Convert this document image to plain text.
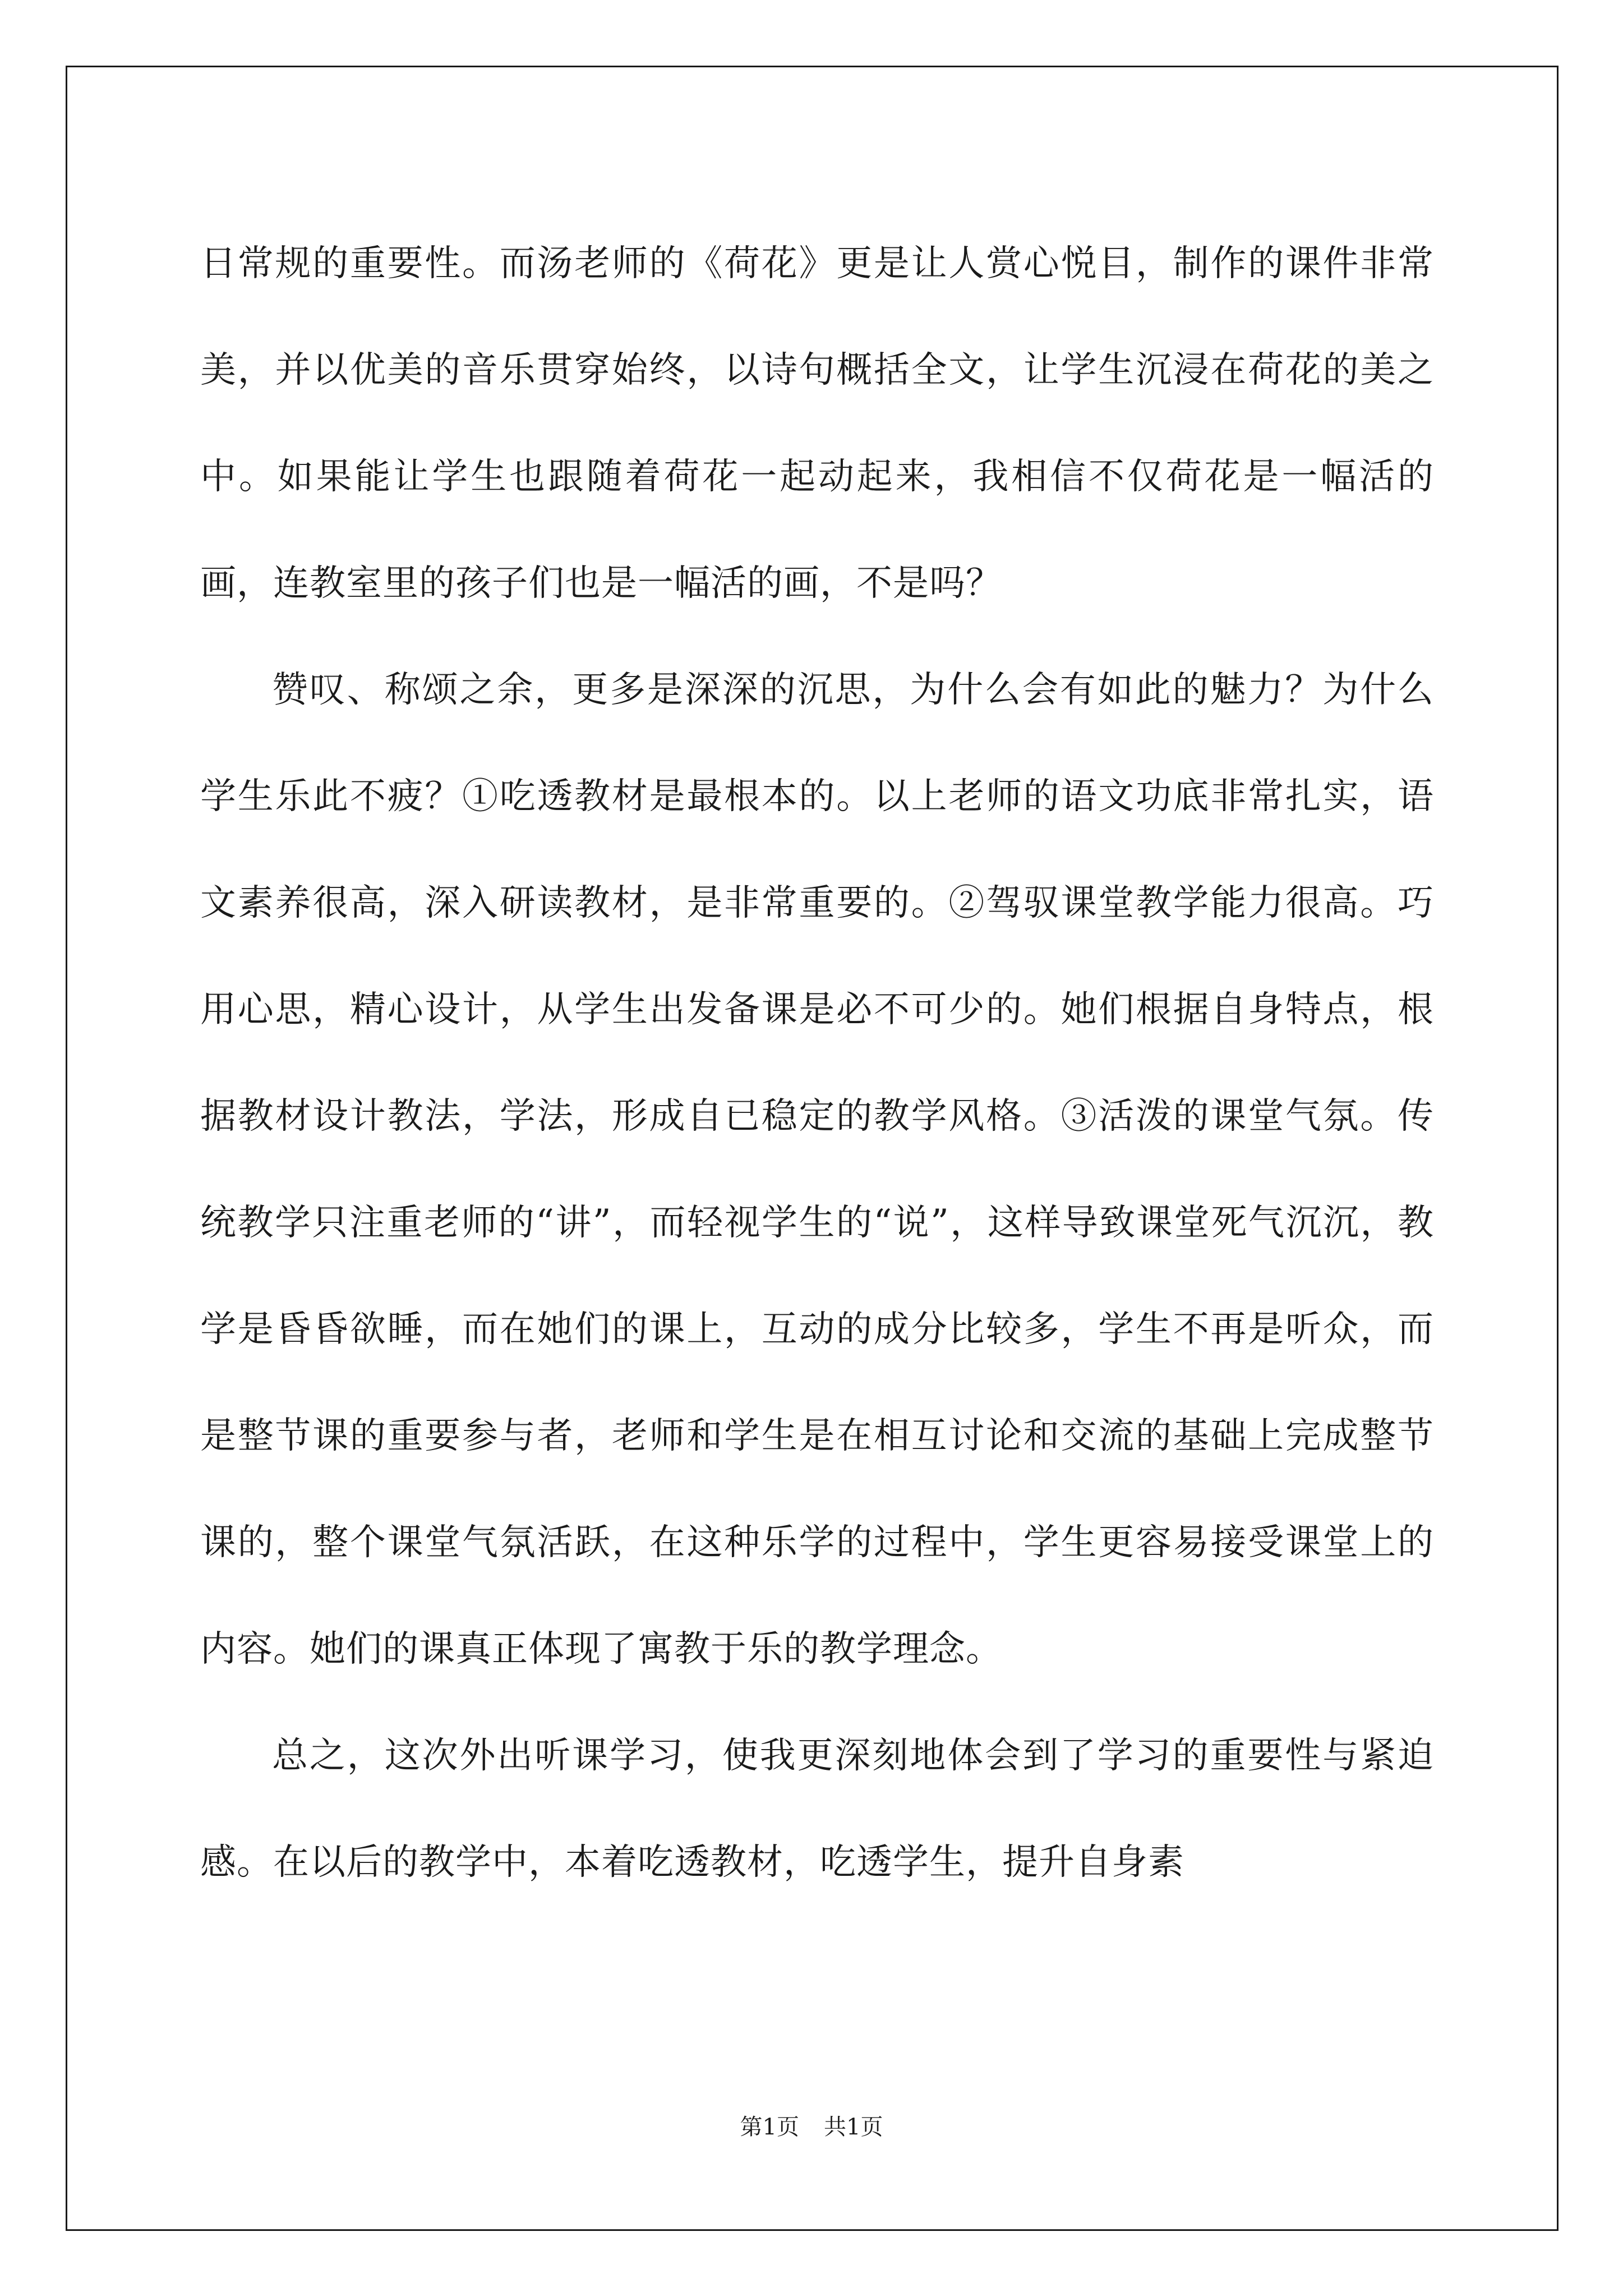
日常规的重要性。而汤老师的《荷花》更是让人赏心悦目，制作的课件非常美，并以优美的音乐贯穿始终，以诗句概括全文，让学生沉浸在荷花的美之中。如果能让学生也跟随着荷花一起动起来，我相信不仅荷花是一幅活的画，连教室里的孩子们也是一幅活的画，不是吗？

赞叹、称颂之余，更多是深深的沉思，为什么会有如此的魅力？为什么学生乐此不疲？①吃透教材是最根本的。以上老师的语文功底非常扎实，语文素养很高，深入研读教材，是非常重要的。②驾驭课堂教学能力很高。巧用心思，精心设计，从学生出发备课是必不可少的。她们根据自身特点，根据教材设计教法，学法，形成自已稳定的教学风格。③活泼的课堂气氛。传统教学只注重老师的“讲”，而轻视学生的“说”，这样导致课堂死气沉沉，教学是昏昏欲睡，而在她们的课上，互动的成分比较多，学生不再是听众，而是整节课的重要参与者，老师和学生是在相互讨论和交流的基础上完成整节课的，整个课堂气氛活跃，在这种乐学的过程中，学生更容易接受课堂上的内容。她们的课真正体现了寓教于乐的教学理念。

总之，这次外出听课学习，使我更深刻地体会到了学习的重要性与紧迫感。在以后的教学中，本着吃透教材，吃透学生，提升自身素

第1页 共1页
